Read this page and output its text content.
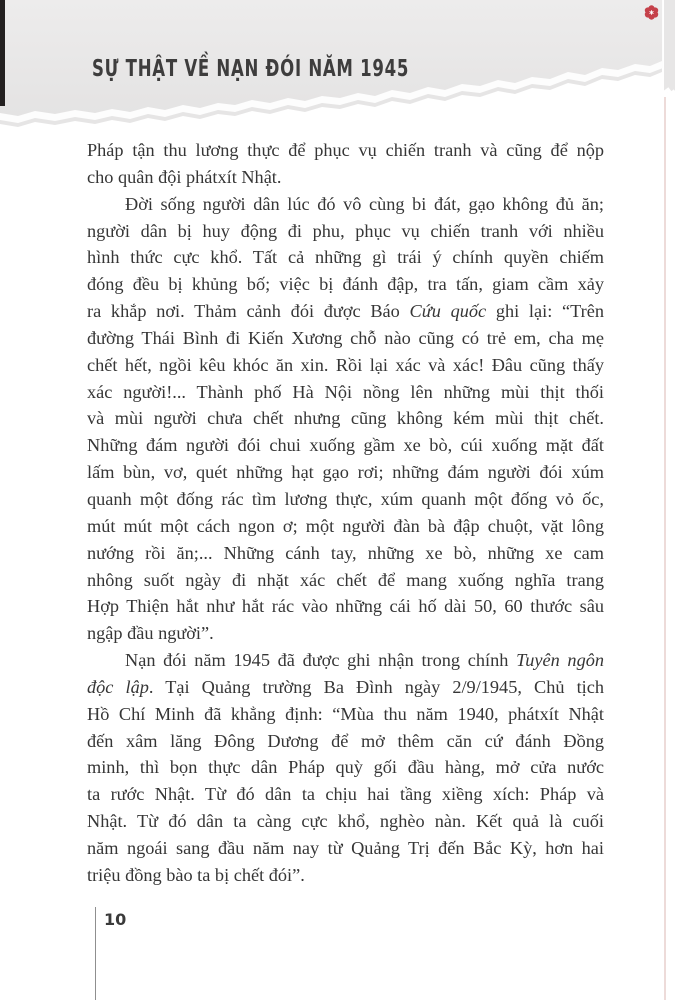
SỰ THẬT VỀ NẠN ĐÓI NĂM 1945
Pháp tận thu lương thực để phục vụ chiến tranh và cũng để nộp
cho quân đội phátxít Nhật.
Đời sống người dân lúc đó vô cùng bi đát, gạo không đủ ăn;
người dân bị huy động đi phu, phục vụ chiến tranh với nhiều
hình thức cực khổ. Tất cả những gì trái ý chính quyền chiếm
đóng đều bị khủng bố; việc bị đánh đập, tra tấn, giam cầm xảy
ra khắp nơi. Thảm cảnh đói được Báo Cứu quốc ghi lại: “Trên
đường Thái Bình đi Kiến Xương chỗ nào cũng có trẻ em, cha mẹ
chết hết, ngồi kêu khóc ăn xin. Rồi lại xác và xác! Đâu cũng thấy
xác người!... Thành phố Hà Nội nồng lên những mùi thịt thối
và mùi người chưa chết nhưng cũng không kém mùi thịt chết.
Những đám người đói chui xuống gầm xe bò, cúi xuống mặt đất
lấm bùn, vơ, quét những hạt gạo rơi; những đám người đói xúm
quanh một đống rác tìm lương thực, xúm quanh một đống vỏ ốc,
mút mút một cách ngon ơ; một người đàn bà đập chuột, vặt lông
nướng rồi ăn;... Những cánh tay, những xe bò, những xe cam
nhông suốt ngày đi nhặt xác chết để mang xuống nghĩa trang
Hợp Thiện hắt như hắt rác vào những cái hố dài 50, 60 thước sâu
ngập đầu người”.
Nạn đói năm 1945 đã được ghi nhận trong chính Tuyên ngôn
độc lập. Tại Quảng trường Ba Đình ngày 2/9/1945, Chủ tịch
Hồ Chí Minh đã khẳng định: “Mùa thu năm 1940, phátxít Nhật
đến xâm lăng Đông Dương để mở thêm căn cứ đánh Đồng
minh, thì bọn thực dân Pháp quỳ gối đầu hàng, mở cửa nước
ta rước Nhật. Từ đó dân ta chịu hai tầng xiềng xích: Pháp và
Nhật. Từ đó dân ta càng cực khổ, nghèo nàn. Kết quả là cuối
năm ngoái sang đầu năm nay từ Quảng Trị đến Bắc Kỳ, hơn hai
triệu đồng bào ta bị chết đói”.
10
